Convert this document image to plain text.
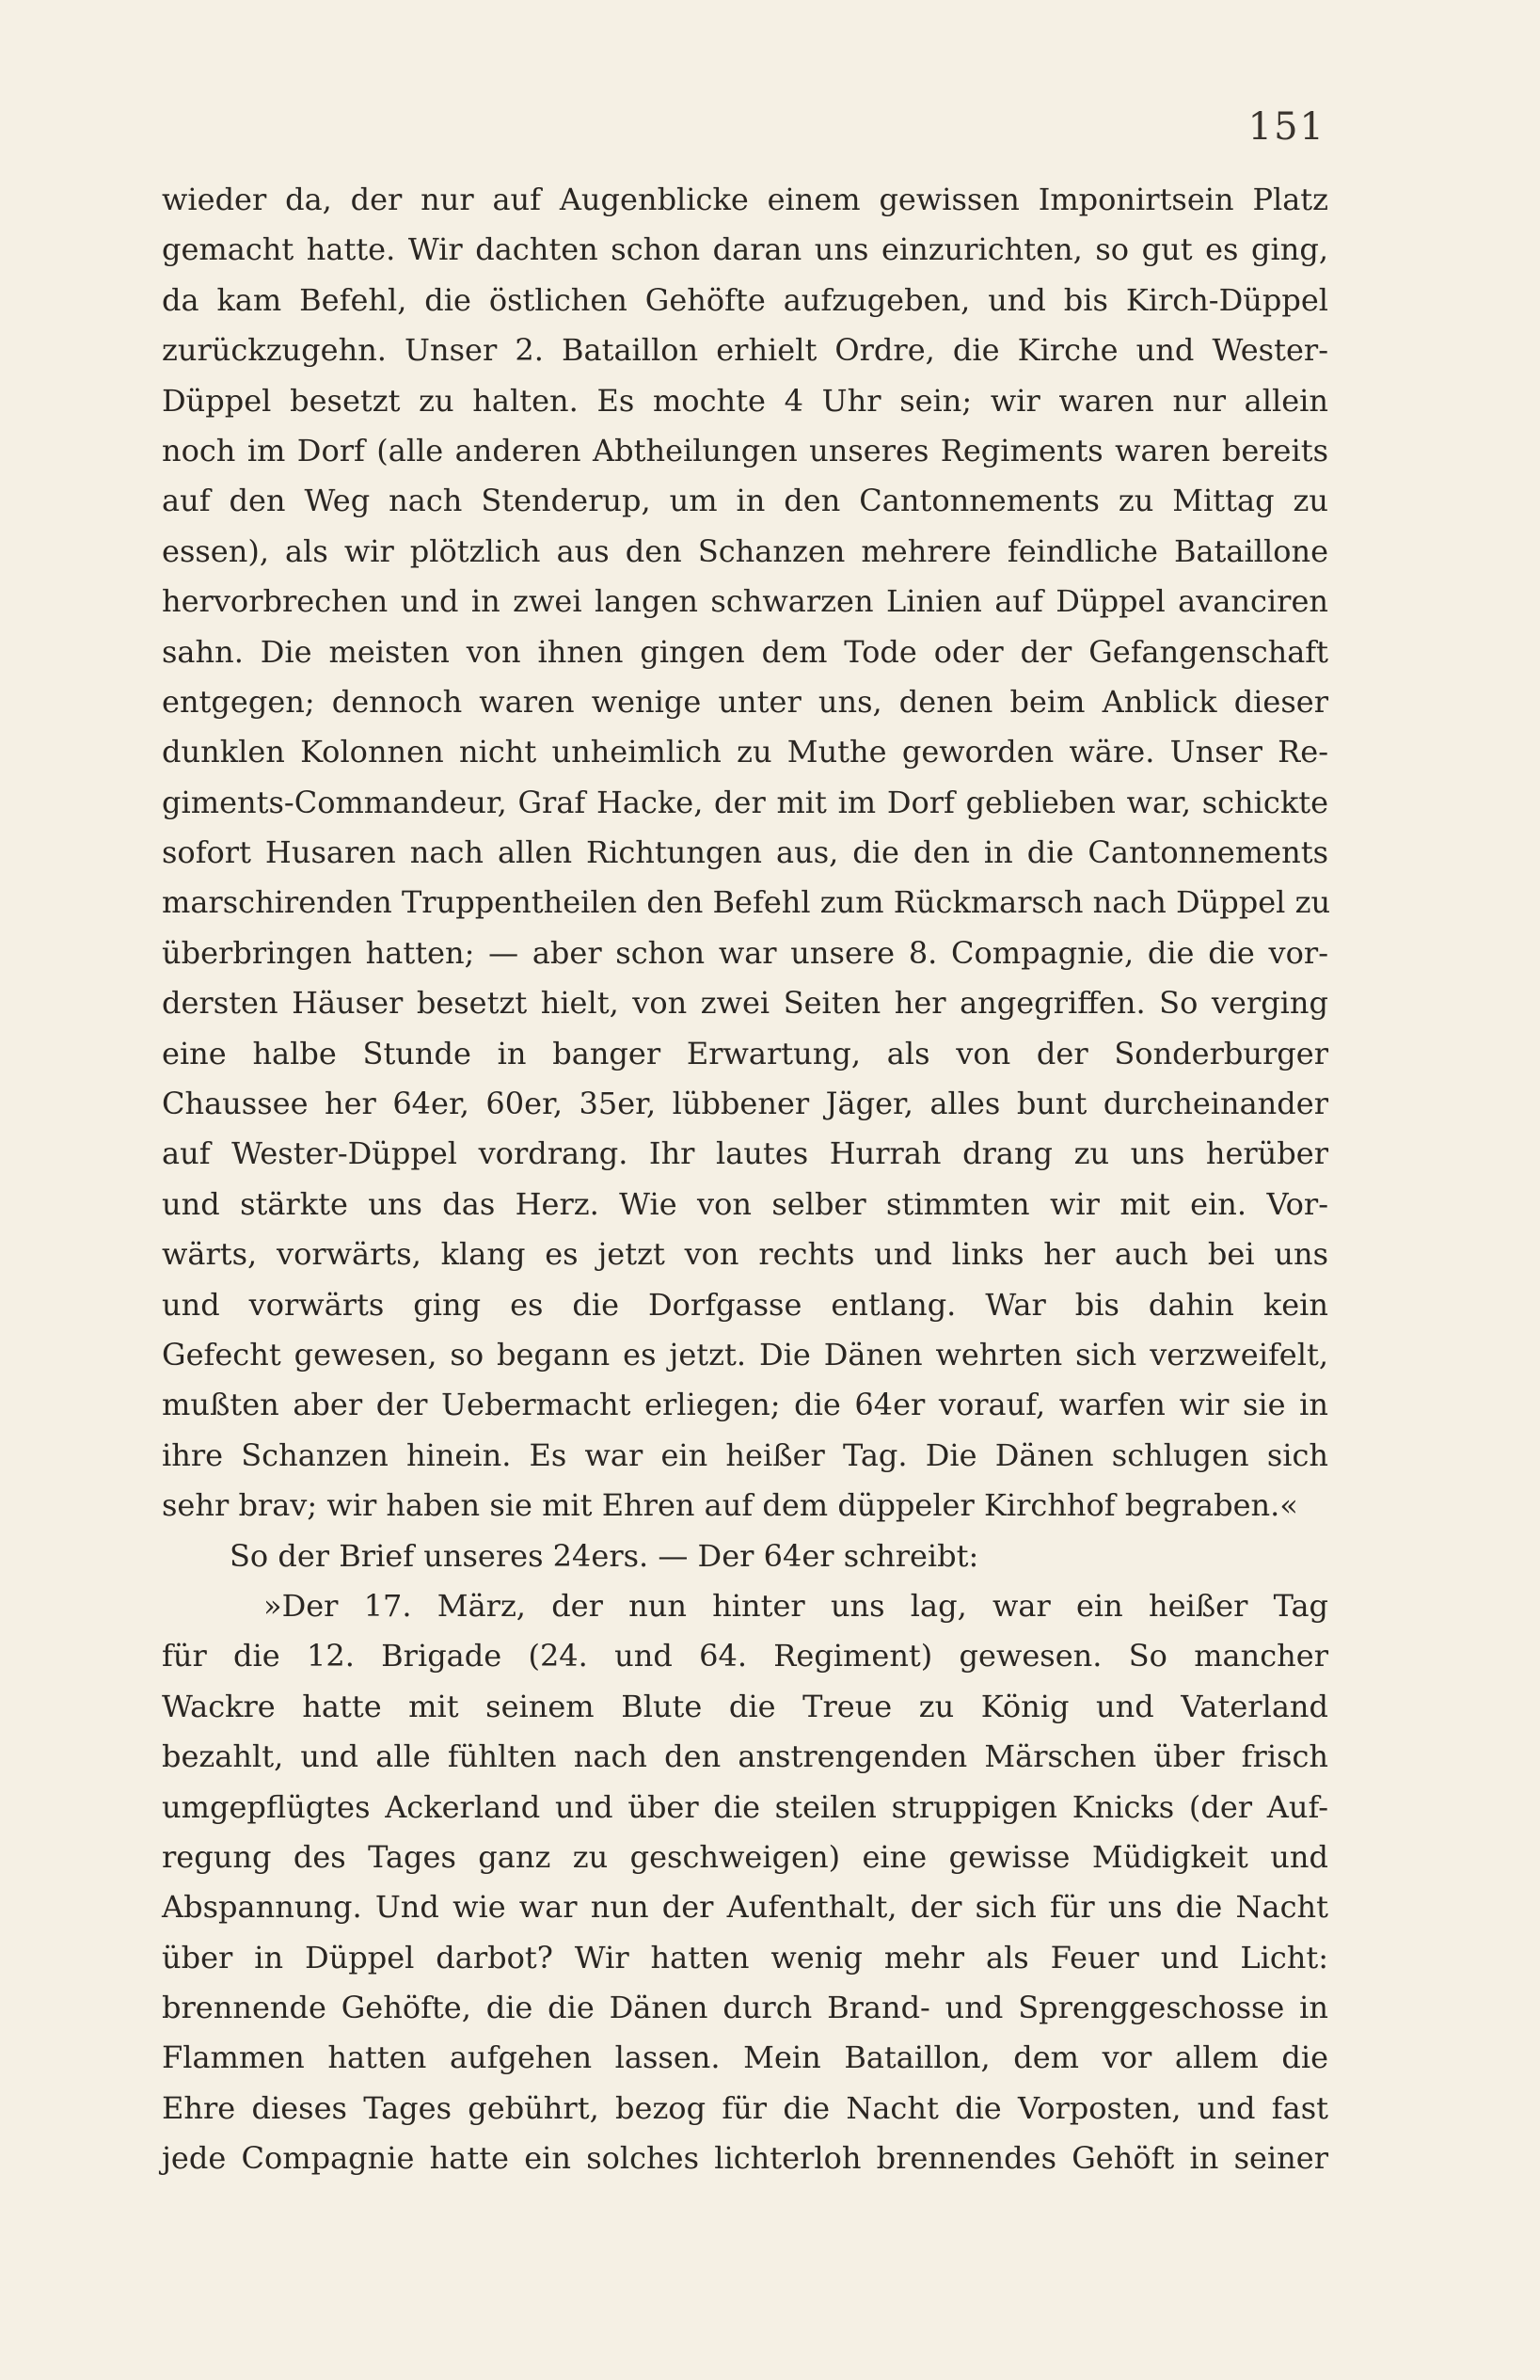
151
wieder da, der nur auf Augenblicke einem gewissen Imponirtsein Platz
gemacht hatte. Wir dachten schon daran uns einzurichten, so gut es ging,
da kam Befehl, die östlichen Gehöfte aufzugeben, und bis Kirch-Düppel
zurückzugehn. Unser 2. Bataillon erhielt Ordre, die Kirche und Wester-
Düppel besetzt zu halten. Es mochte 4 Uhr sein; wir waren nur allein
noch im Dorf (alle anderen Abtheilungen unseres Regiments waren bereits
auf den Weg nach Stenderup, um in den Cantonnements zu Mittag zu
essen), als wir plötzlich aus den Schanzen mehrere feindliche Bataillone
hervorbrechen und in zwei langen schwarzen Linien auf Düppel avanciren
sahn. Die meisten von ihnen gingen dem Tode oder der Gefangenschaft
entgegen; dennoch waren wenige unter uns, denen beim Anblick dieser
dunklen Kolonnen nicht unheimlich zu Muthe geworden wäre. Unser Re-
giments-Commandeur, Graf Hacke, der mit im Dorf geblieben war, schickte
sofort Husaren nach allen Richtungen aus, die den in die Cantonnements
marschirenden Truppentheilen den Befehl zum Rückmarsch nach Düppel zu
überbringen hatten; — aber schon war unsere 8. Compagnie, die die vor-
dersten Häuser besetzt hielt, von zwei Seiten her angegriffen. So verging
eine halbe Stunde in banger Erwartung, als von der Sonderburger
Chaussee her 64er, 60er, 35er, lübbener Jäger, alles bunt durcheinander
auf Wester-Düppel vordrang. Ihr lautes Hurrah drang zu uns herüber
und stärkte uns das Herz. Wie von selber stimmten wir mit ein. Vor-
wärts, vorwärts, klang es jetzt von rechts und links her auch bei uns
und vorwärts ging es die Dorfgasse entlang. War bis dahin kein
Gefecht gewesen, so begann es jetzt. Die Dänen wehrten sich verzweifelt,
mußten aber der Uebermacht erliegen; die 64er vorauf, warfen wir sie in
ihre Schanzen hinein. Es war ein heißer Tag. Die Dänen schlugen sich
sehr brav; wir haben sie mit Ehren auf dem düppeler Kirchhof begraben.«
So der Brief unseres 24ers. — Der 64er schreibt:
»Der 17. März, der nun hinter uns lag, war ein heißer Tag
für die 12. Brigade (24. und 64. Regiment) gewesen. So mancher
Wackre hatte mit seinem Blute die Treue zu König und Vaterland
bezahlt, und alle fühlten nach den anstrengenden Märschen über frisch
umgepflügtes Ackerland und über die steilen struppigen Knicks (der Auf-
regung des Tages ganz zu geschweigen) eine gewisse Müdigkeit und
Abspannung. Und wie war nun der Aufenthalt, der sich für uns die Nacht
über in Düppel darbot? Wir hatten wenig mehr als Feuer und Licht:
brennende Gehöfte, die die Dänen durch Brand- und Sprenggeschosse in
Flammen hatten aufgehen lassen. Mein Bataillon, dem vor allem die
Ehre dieses Tages gebührt, bezog für die Nacht die Vorposten, und fast
jede Compagnie hatte ein solches lichterloh brennendes Gehöft in seiner
